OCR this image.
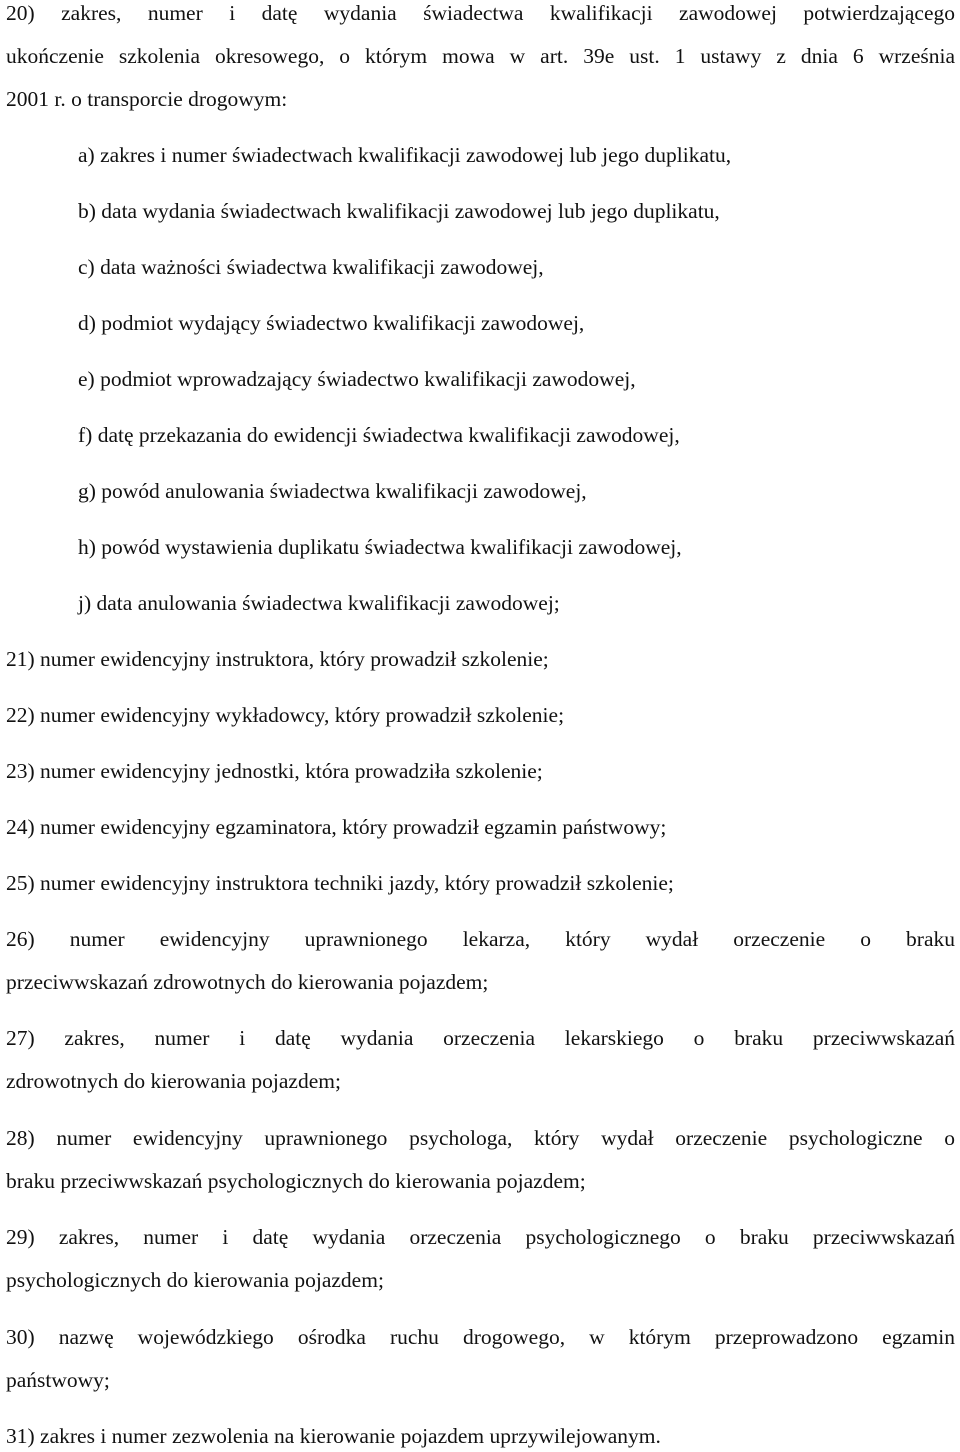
20) zakres, numer i datę wydania świadectwa kwalifikacji zawodowej potwierdzającego
ukończenie szkolenia okresowego, o którym mowa w art. 39e ust. 1 ustawy z dnia 6 września
2001 r. o transporcie drogowym:
a) zakres i numer świadectwach kwalifikacji zawodowej lub jego duplikatu,
b) data wydania świadectwach kwalifikacji zawodowej lub jego duplikatu,
c) data ważności świadectwa kwalifikacji zawodowej,
d) podmiot wydający świadectwo kwalifikacji zawodowej,
e) podmiot wprowadzający świadectwo kwalifikacji zawodowej,
f) datę przekazania do ewidencji świadectwa kwalifikacji zawodowej,
g) powód anulowania świadectwa kwalifikacji zawodowej,
h) powód wystawienia duplikatu świadectwa kwalifikacji zawodowej,
j) data anulowania świadectwa kwalifikacji zawodowej;
21) numer ewidencyjny instruktora, który prowadził szkolenie;
22) numer ewidencyjny wykładowcy, który prowadził szkolenie;
23) numer ewidencyjny jednostki, która prowadziła szkolenie;
24) numer ewidencyjny egzaminatora, który prowadził egzamin państwowy;
25) numer ewidencyjny instruktora techniki jazdy, który prowadził szkolenie;
26) numer ewidencyjny uprawnionego lekarza, który wydał orzeczenie o braku
przeciwwskazań zdrowotnych do kierowania pojazdem;
27) zakres, numer i datę wydania orzeczenia lekarskiego o braku przeciwwskazań
zdrowotnych do kierowania pojazdem;
28) numer ewidencyjny uprawnionego psychologa, który wydał orzeczenie psychologiczne o
braku przeciwwskazań psychologicznych do kierowania pojazdem;
29) zakres, numer i datę wydania orzeczenia psychologicznego o braku przeciwwskazań
psychologicznych do kierowania pojazdem;
30) nazwę wojewódzkiego ośrodka ruchu drogowego, w którym przeprowadzono egzamin
państwowy;
31) zakres i numer zezwolenia na kierowanie pojazdem uprzywilejowanym.
